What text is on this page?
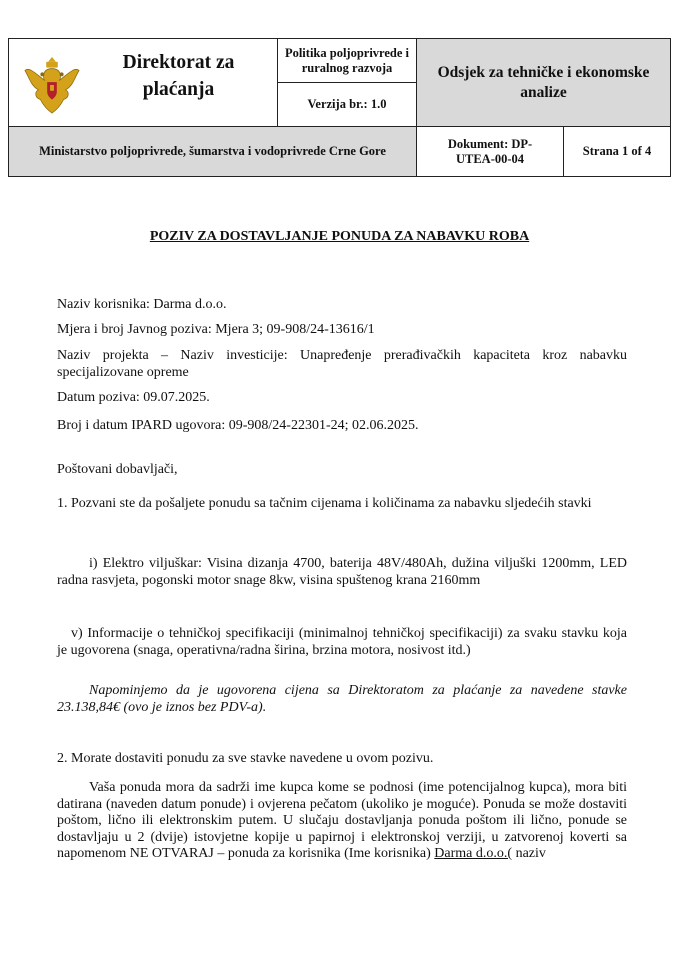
Direktorat za
plaćanja	Politika poljoprivrede i ruralnog razvoja	Odsjek za tehničke i ekonomske analize	
	Verzija br.: 1.0		
Ministarstvo poljoprivrede, šumarstva i vodoprivrede Crne Gore		Dokument: DP-UTEA-00-04	Strana 1 of 4
POZIV ZA DOSTAVLJANJE PONUDA ZA NABAVKU ROBA
Naziv korisnika: Darma d.o.o.
Mjera i broj Javnog poziva: Mjera 3; 09-908/24-13616/1
Naziv projekta – Naziv investicije: Unapređenje prerađivačkih kapaciteta kroz nabavku specijalizovane opreme
Datum poziva: 09.07.2025.
Broj i datum IPARD ugovora: 09-908/24-22301-24; 02.06.2025.
Poštovani dobavljači,
1. Pozvani ste da pošaljete ponudu sa tačnim cijenama i količinama za nabavku sljedećih stavki
i) Elektro viljuškar: Visina dizanja 4700, baterija 48V/480Ah, dužina viljuški 1200mm, LED radna rasvjeta, pogonski motor snage 8kw, visina spuštenog krana 2160mm
v) Informacije o tehničkoj specifikaciji (minimalnoj tehničkoj specifikaciji) za svaku stavku koja je ugovorena (snaga, operativna/radna širina, brzina motora, nosivost itd.)
Napominjemo da je ugovorena cijena sa Direktoratom za plaćanje za navedene stavke 23.138,84€ (ovo je iznos bez PDV-a).
2. Morate dostaviti ponudu za sve stavke navedene u ovom pozivu.
Vaša ponuda mora da sadrži ime kupca kome se podnosi (ime potencijalnog kupca), mora biti datirana (naveden datum ponude) i ovjerena pečatom (ukoliko je moguće). Ponuda se može dostaviti poštom, lično ili elektronskim putem. U slučaju dostavljanja ponuda poštom ili lično, ponude se dostavljaju u 2 (dvije) istovjetne kopije u papirnoj i elektronskoj verziji, u zatvorenoj koverti sa napomenom NE OTVARAJ – ponuda za korisnika (Ime korisnika) Darma d.o.o.( naziv
